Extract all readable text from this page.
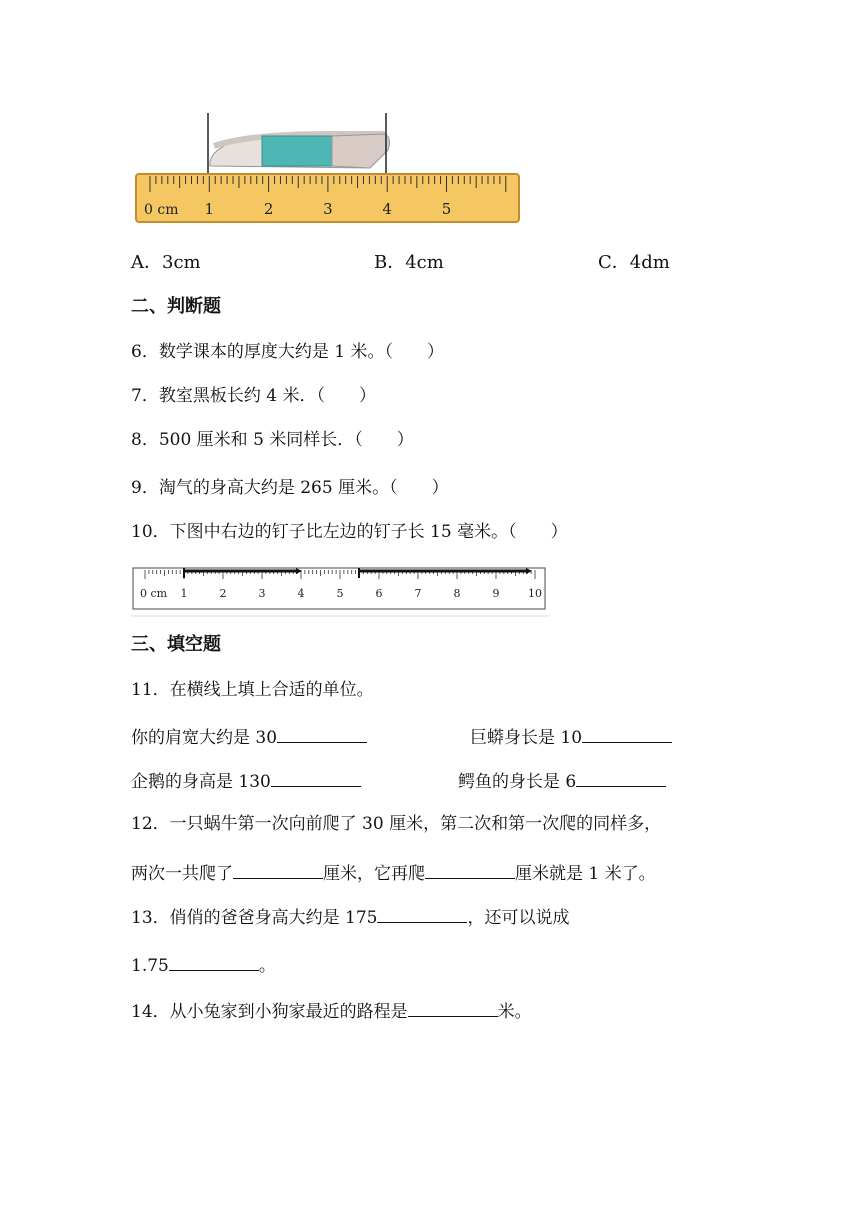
0 cm 1	2	3	4	5
A．3cm	B．4cm	C．4dm
二、判断题
6．数学课本的厚度大约是 1 米。（　　）
7．教室黑板长约 4 米．（　　）
8．500 厘米和 5 米同样长．（　　）
9．淘气的身高大约是 265 厘米。（　　）
10．下图中右边的钉子比左边的钉子长 15 毫米。（　　）
0 cm 1	2	3	4	5	6	7	8	9	10
三、填空题
11．在横线上填上合适的单位。
你的肩宽大约是 30	巨蟒身长是 10
企鹅的身高是 130	鳄鱼的身长是 6
12．一只蜗牛第一次向前爬了 30 厘米，第二次和第一次爬的同样多，
两次一共爬了	厘米，它再爬	厘米就是 1 米了。
13．俏俏的爸爸身高大约是 175	，还可以说成
1.75	。
14．从小兔家到小狗家最近的路程是	米。
